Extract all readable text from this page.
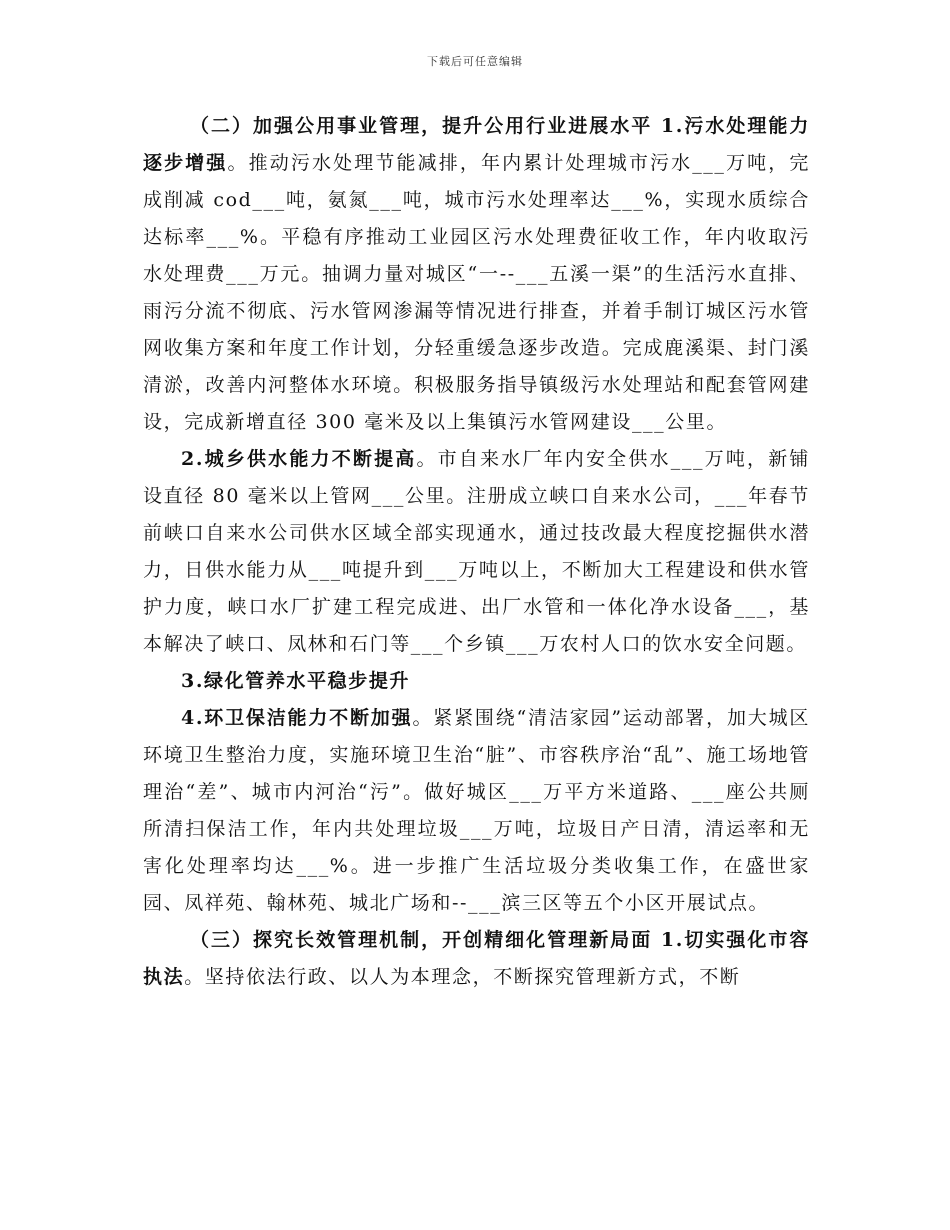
下载后可任意编辑

（二）加强公用事业管理，提升公用行业进展水平 1.污水处理能力逐步增强。推动污水处理节能减排，年内累计处理城市污水___万吨，完成削减 cod___吨，氨氮___吨，城市污水处理率达___%，实现水质综合达标率___%。平稳有序推动工业园区污水处理费征收工作，年内收取污水处理费___万元。抽调力量对城区“一--___五溪一渠”的生活污水直排、雨污分流不彻底、污水管网渗漏等情况进行排查，并着手制订城区污水管网收集方案和年度工作计划，分轻重缓急逐步改造。完成鹿溪渠、封门溪清淤，改善内河整体水环境。积极服务指导镇级污水处理站和配套管网建设，完成新增直径 300 毫米及以上集镇污水管网建设___公里。

2.城乡供水能力不断提高。市自来水厂年内安全供水___万吨，新铺设直径 80 毫米以上管网___公里。注册成立峡口自来水公司，___年春节前峡口自来水公司供水区域全部实现通水，通过技改最大程度挖掘供水潜力，日供水能力从___吨提升到___万吨以上，不断加大工程建设和供水管护力度，峡口水厂扩建工程完成进、出厂水管和一体化净水设备___，基本解决了峡口、凤林和石门等___个乡镇___万农村人口的饮水安全问题。

3.绿化管养水平稳步提升

4.环卫保洁能力不断加强。紧紧围绕“清洁家园”运动部署，加大城区环境卫生整治力度，实施环境卫生治“脏”、市容秩序治“乱”、施工场地管理治“差”、城市内河治“污”。做好城区___万平方米道路、___座公共厕所清扫保洁工作，年内共处理垃圾___万吨，垃圾日产日清，清运率和无害化处理率均达___%。进一步推广生活垃圾分类收集工作，在盛世家园、凤祥苑、翰林苑、城北广场和--___滨三区等五个小区开展试点。

（三）探究长效管理机制，开创精细化管理新局面 1.切实强化市容执法。坚持依法行政、以人为本理念，不断探究管理新方式，不断
